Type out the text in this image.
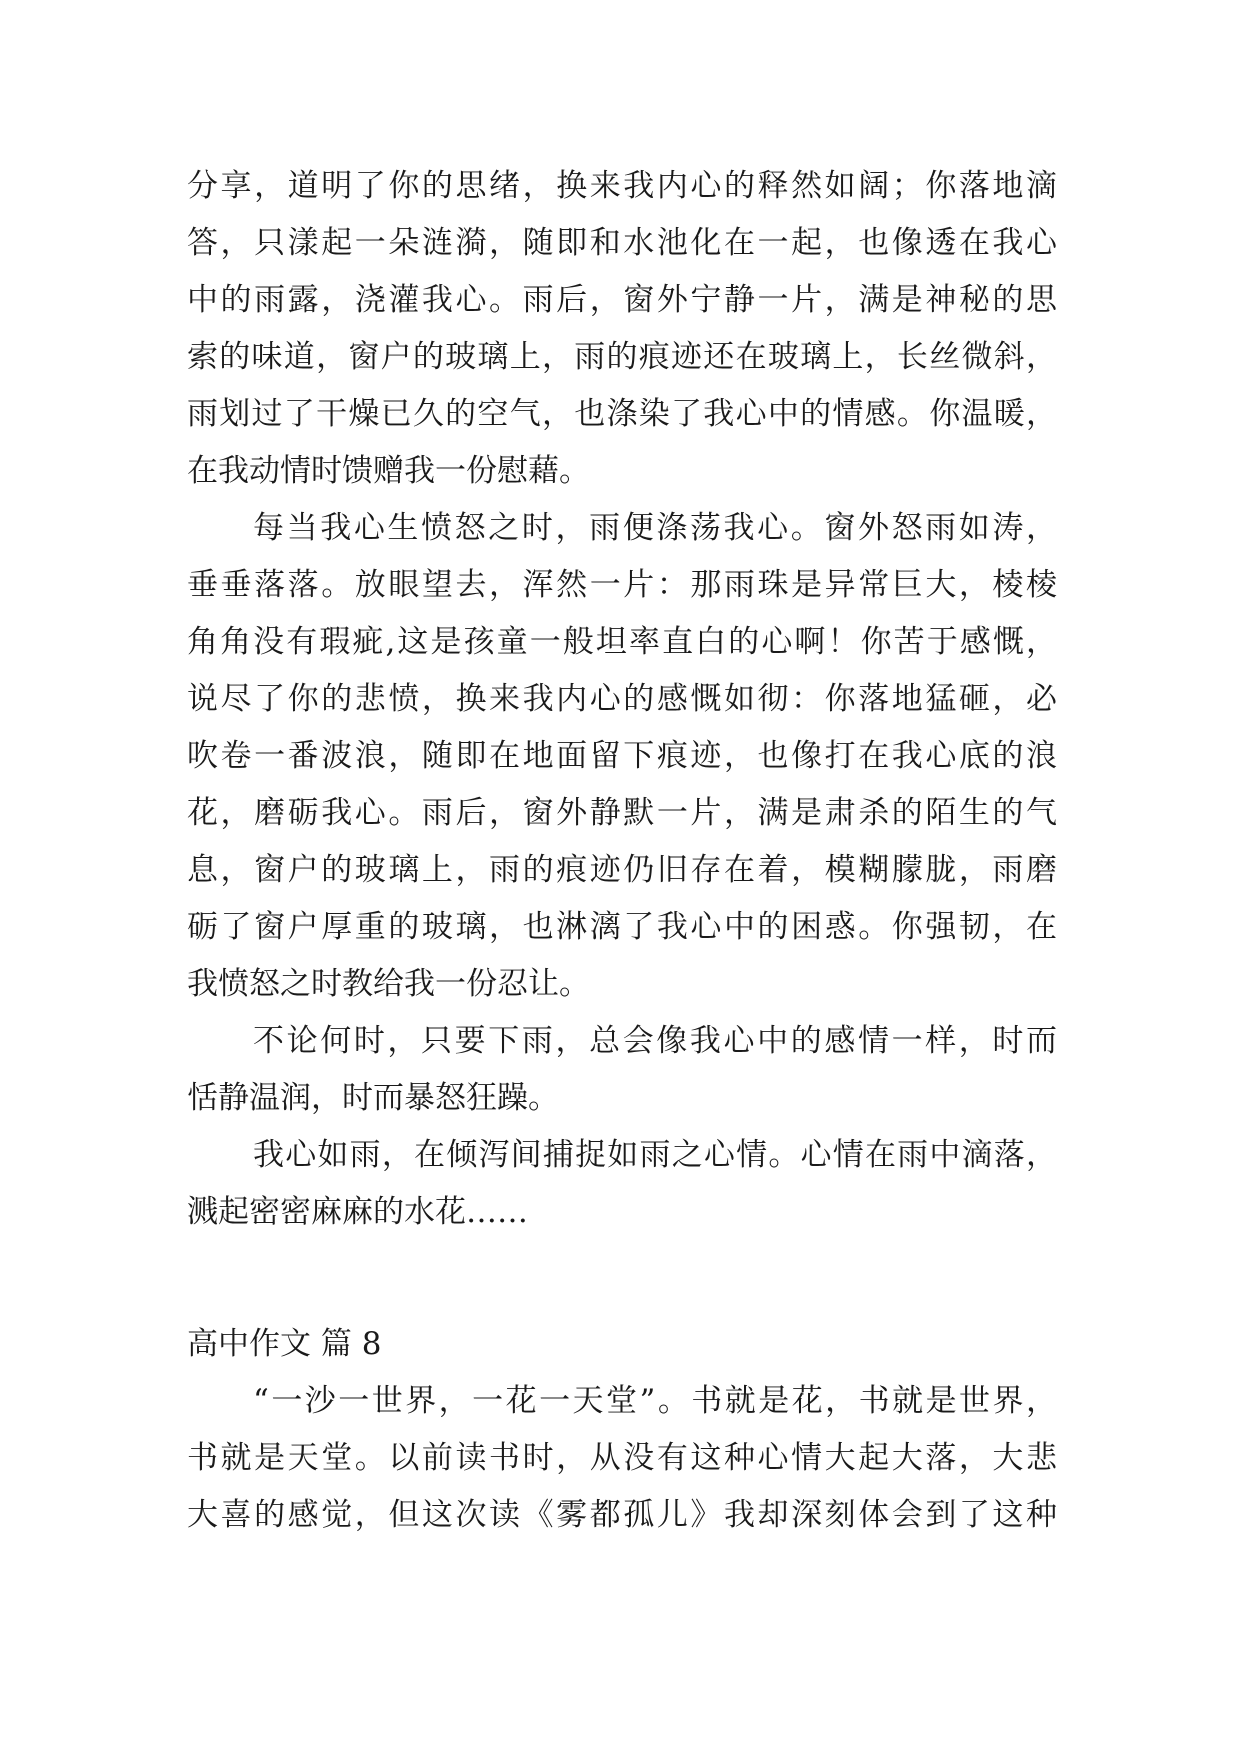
分享，道明了你的思绪，换来我内心的释然如阔；你落地滴
答，只漾起一朵涟漪，随即和水池化在一起，也像透在我心
中的雨露，浇灌我心。雨后，窗外宁静一片，满是神秘的思
索的味道，窗户的玻璃上，雨的痕迹还在玻璃上，长丝微斜，
雨划过了干燥已久的空气，也涤染了我心中的情感。你温暖，
在我动情时馈赠我一份慰藉。
每当我心生愤怒之时，雨便涤荡我心。窗外怒雨如涛，
垂垂落落。放眼望去，浑然一片：那雨珠是异常巨大，棱棱
角角没有瑕疵,这是孩童一般坦率直白的心啊！你苦于感慨，
说尽了你的悲愤，换来我内心的感慨如彻：你落地猛砸，必
吹卷一番波浪，随即在地面留下痕迹，也像打在我心底的浪
花，磨砺我心。雨后，窗外静默一片，满是肃杀的陌生的气
息，窗户的玻璃上，雨的痕迹仍旧存在着，模糊朦胧，雨磨
砺了窗户厚重的玻璃，也淋漓了我心中的困惑。你强韧，在
我愤怒之时教给我一份忍让。
不论何时，只要下雨，总会像我心中的感情一样，时而
恬静温润，时而暴怒狂躁。
我心如雨，在倾泻间捕捉如雨之心情。心情在雨中滴落，
溅起密密麻麻的水花……
高中作文 篇 8
“一沙一世界，一花一天堂”。书就是花，书就是世界，
书就是天堂。以前读书时，从没有这种心情大起大落，大悲
大喜的感觉，但这次读《雾都孤儿》我却深刻体会到了这种
